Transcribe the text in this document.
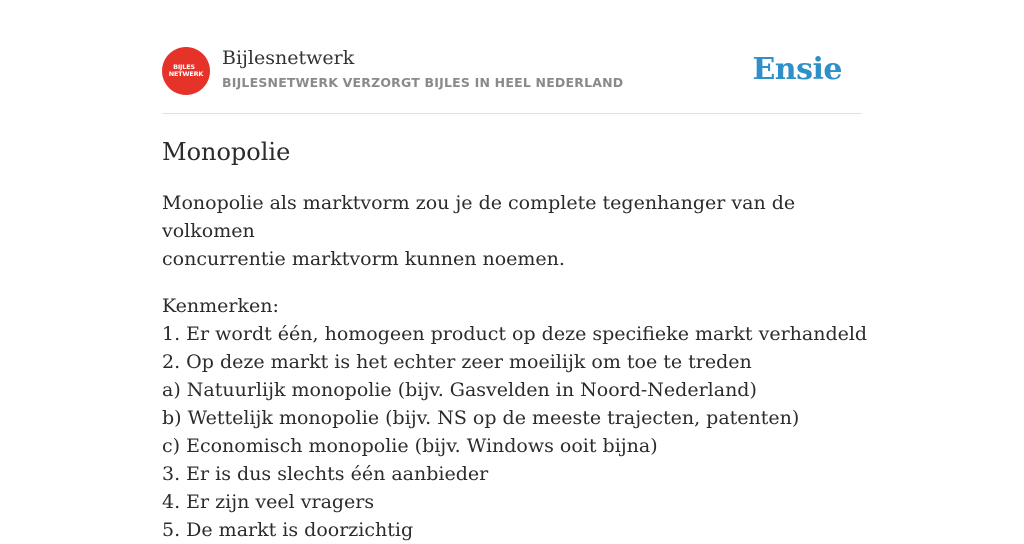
BIJLES
NETWERK
Bijlesnetwerk
BIJLESNETWERK VERZORGT BIJLES IN HEEL NEDERLAND	Ensie
Monopolie
Monopolie als marktvorm zou je de complete tegenhanger van de volkomen
concurrentie marktvorm kunnen noemen.
Kenmerken:
1. Er wordt één, homogeen product op deze specifieke markt verhandeld
2. Op deze markt is het echter zeer moeilijk om toe te treden
a) Natuurlijk monopolie (bijv. Gasvelden in Noord-Nederland)
b) Wettelijk monopolie (bijv. NS op de meeste trajecten, patenten)
c) Economisch monopolie (bijv. Windows ooit bijna)
3. Er is dus slechts één aanbieder
4. Er zijn veel vragers
5. De markt is doorzichtig
